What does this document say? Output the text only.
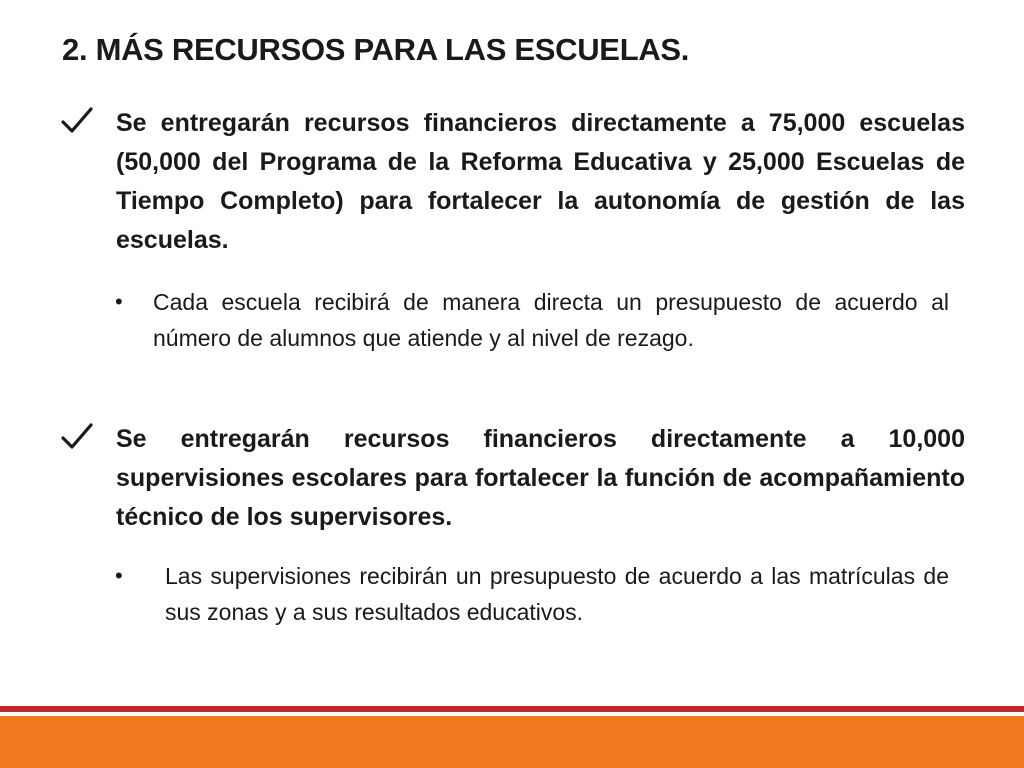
2. MÁS RECURSOS PARA LAS ESCUELAS.
Se entregarán recursos financieros directamente a 75,000 escuelas (50,000 del Programa de la Reforma Educativa y 25,000 Escuelas de Tiempo Completo) para fortalecer la autonomía de gestión de las escuelas.
• Cada escuela recibirá de manera directa un presupuesto de acuerdo al número de alumnos que atiende y al nivel de rezago.
Se entregarán recursos financieros directamente a 10,000 supervisiones escolares para fortalecer la función de acompañamiento técnico de los supervisores.
• Las supervisiones recibirán un presupuesto de acuerdo a las matrículas de sus zonas y a sus resultados educativos.
